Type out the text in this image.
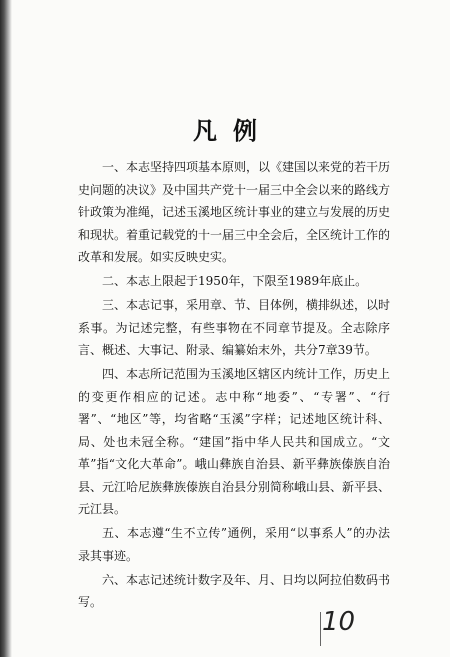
凡例

一、本志坚持四项基本原则，以《建国以来党的若干历史问题的决议》及中国共产党十一届三中全会以来的路线方针政策为准绳，记述玉溪地区统计事业的建立与发展的历史和现状。着重记载党的十一届三中全会后，全区统计工作的改革和发展。如实反映史实。

二、本志上限起于1950年，下限至1989年底止。

三、本志记事，采用章、节、目体例，横排纵述，以时系事。为记述完整，有些事物在不同章节提及。全志除序言、概述、大事记、附录、编纂始末外，共分7章39节。

四、本志所记范围为玉溪地区辖区内统计工作，历史上的变更作相应的记述。志中称“地委”、“专署”、“行署”、“地区”等，均省略“玉溪”字样；记述地区统计科、局、处也未冠全称。“建国”指中华人民共和国成立。“文革”指“文化大革命”。峨山彝族自治县、新平彝族傣族自治县、元江哈尼族彝族傣族自治县分别简称峨山县、新平县、元江县。

五、本志遵“生不立传”通例，采用“以事系人”的办法录其事迹。

六、本志记述统计数字及年、月、日均以阿拉伯数码书写。

10
